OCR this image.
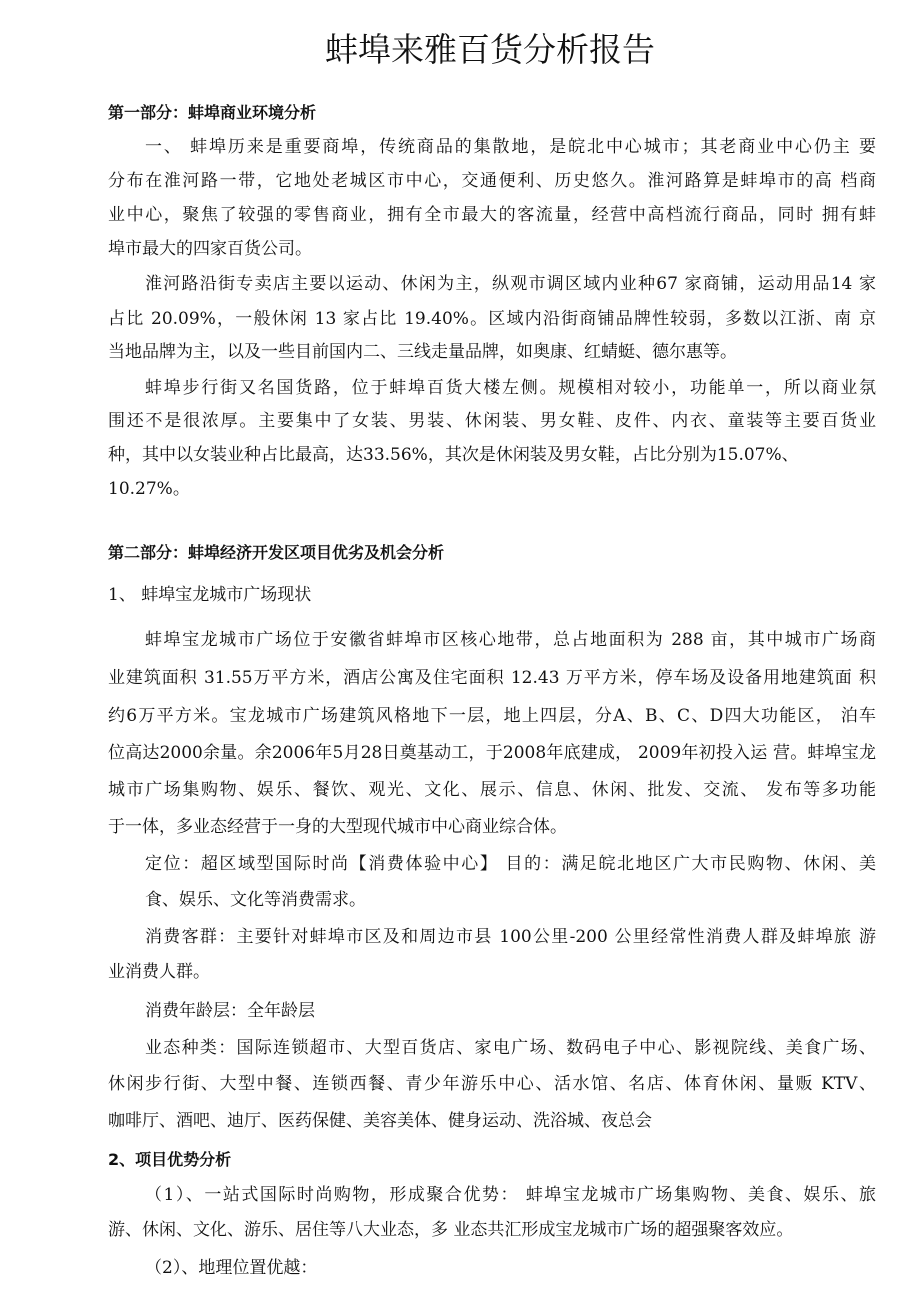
蚌埠来雅百货分析报告
第一部分：蚌埠商业环境分析
一、 蚌埠历来是重要商埠，传统商品的集散地，是皖北中心城市；其老商业中心仍主 要
分布在淮河路一带，它地处老城区市中心，交通便利、历史悠久。淮河路算是蚌埠市的高 档商
业中心，聚焦了较强的零售商业，拥有全市最大的客流量，经营中高档流行商品，同时 拥有蚌
埠市最大的四家百货公司。
淮河路沿街专卖店主要以运动、休闲为主，纵观市调区域内业种67 家商铺，运动用品14 家
占比 20.09%，一般休闲 13 家占比 19.40%。区域内沿街商铺品牌性较弱，多数以江浙、南 京
当地品牌为主，以及一些目前国内二、三线走量品牌，如奥康、红蜻蜓、德尔惠等。
蚌埠步行街又名国货路，位于蚌埠百货大楼左侧。规模相对较小，功能单一，所以商业氛
围还不是很浓厚。主要集中了女装、男装、休闲装、男女鞋、皮件、内衣、童装等主要百货业
种，其中以女装业种占比最高，达33.56%，其次是休闲装及男女鞋，占比分别为15.07%、
10.27%。
第二部分：蚌埠经济开发区项目优劣及机会分析
1、 蚌埠宝龙城市广场现状
蚌埠宝龙城市广场位于安徽省蚌埠市区核心地带，总占地面积为 288 亩，其中城市广场商
业建筑面积 31.55万平方米，酒店公寓及住宅面积 12.43 万平方米，停车场及设备用地建筑面 积
约6万平方米。宝龙城市广场建筑风格地下一层，地上四层，分A、B、C、D四大功能区， 泊车
位高达2000余量。余2006年5月28日奠基动工，于2008年底建成， 2009年初投入运 营。蚌埠宝龙
城市广场集购物、娱乐、餐饮、观光、文化、展示、信息、休闲、批发、交流、 发布等多功能
于一体，多业态经营于一身的大型现代城市中心商业综合体。
定位：超区域型国际时尚【消费体验中心】 目的：满足皖北地区广大市民购物、休闲、美
食、娱乐、文化等消费需求。
消费客群：主要针对蚌埠市区及和周边市县 100公里-200 公里经常性消费人群及蚌埠旅 游
业消费人群。
消费年龄层：全年龄层
业态种类：国际连锁超市、大型百货店、家电广场、数码电子中心、影视院线、美食广场、
休闲步行街、大型中餐、连锁西餐、青少年游乐中心、活水馆、名店、体育休闲、量贩 KTV、
咖啡厅、酒吧、迪厅、医药保健、美容美体、健身运动、洗浴城、夜总会
2、项目优势分析
（1）、一站式国际时尚购物，形成聚合优势： 蚌埠宝龙城市广场集购物、美食、娱乐、旅
游、休闲、文化、游乐、居住等八大业态，多 业态共汇形成宝龙城市广场的超强聚客效应。
（2）、地理位置优越：
